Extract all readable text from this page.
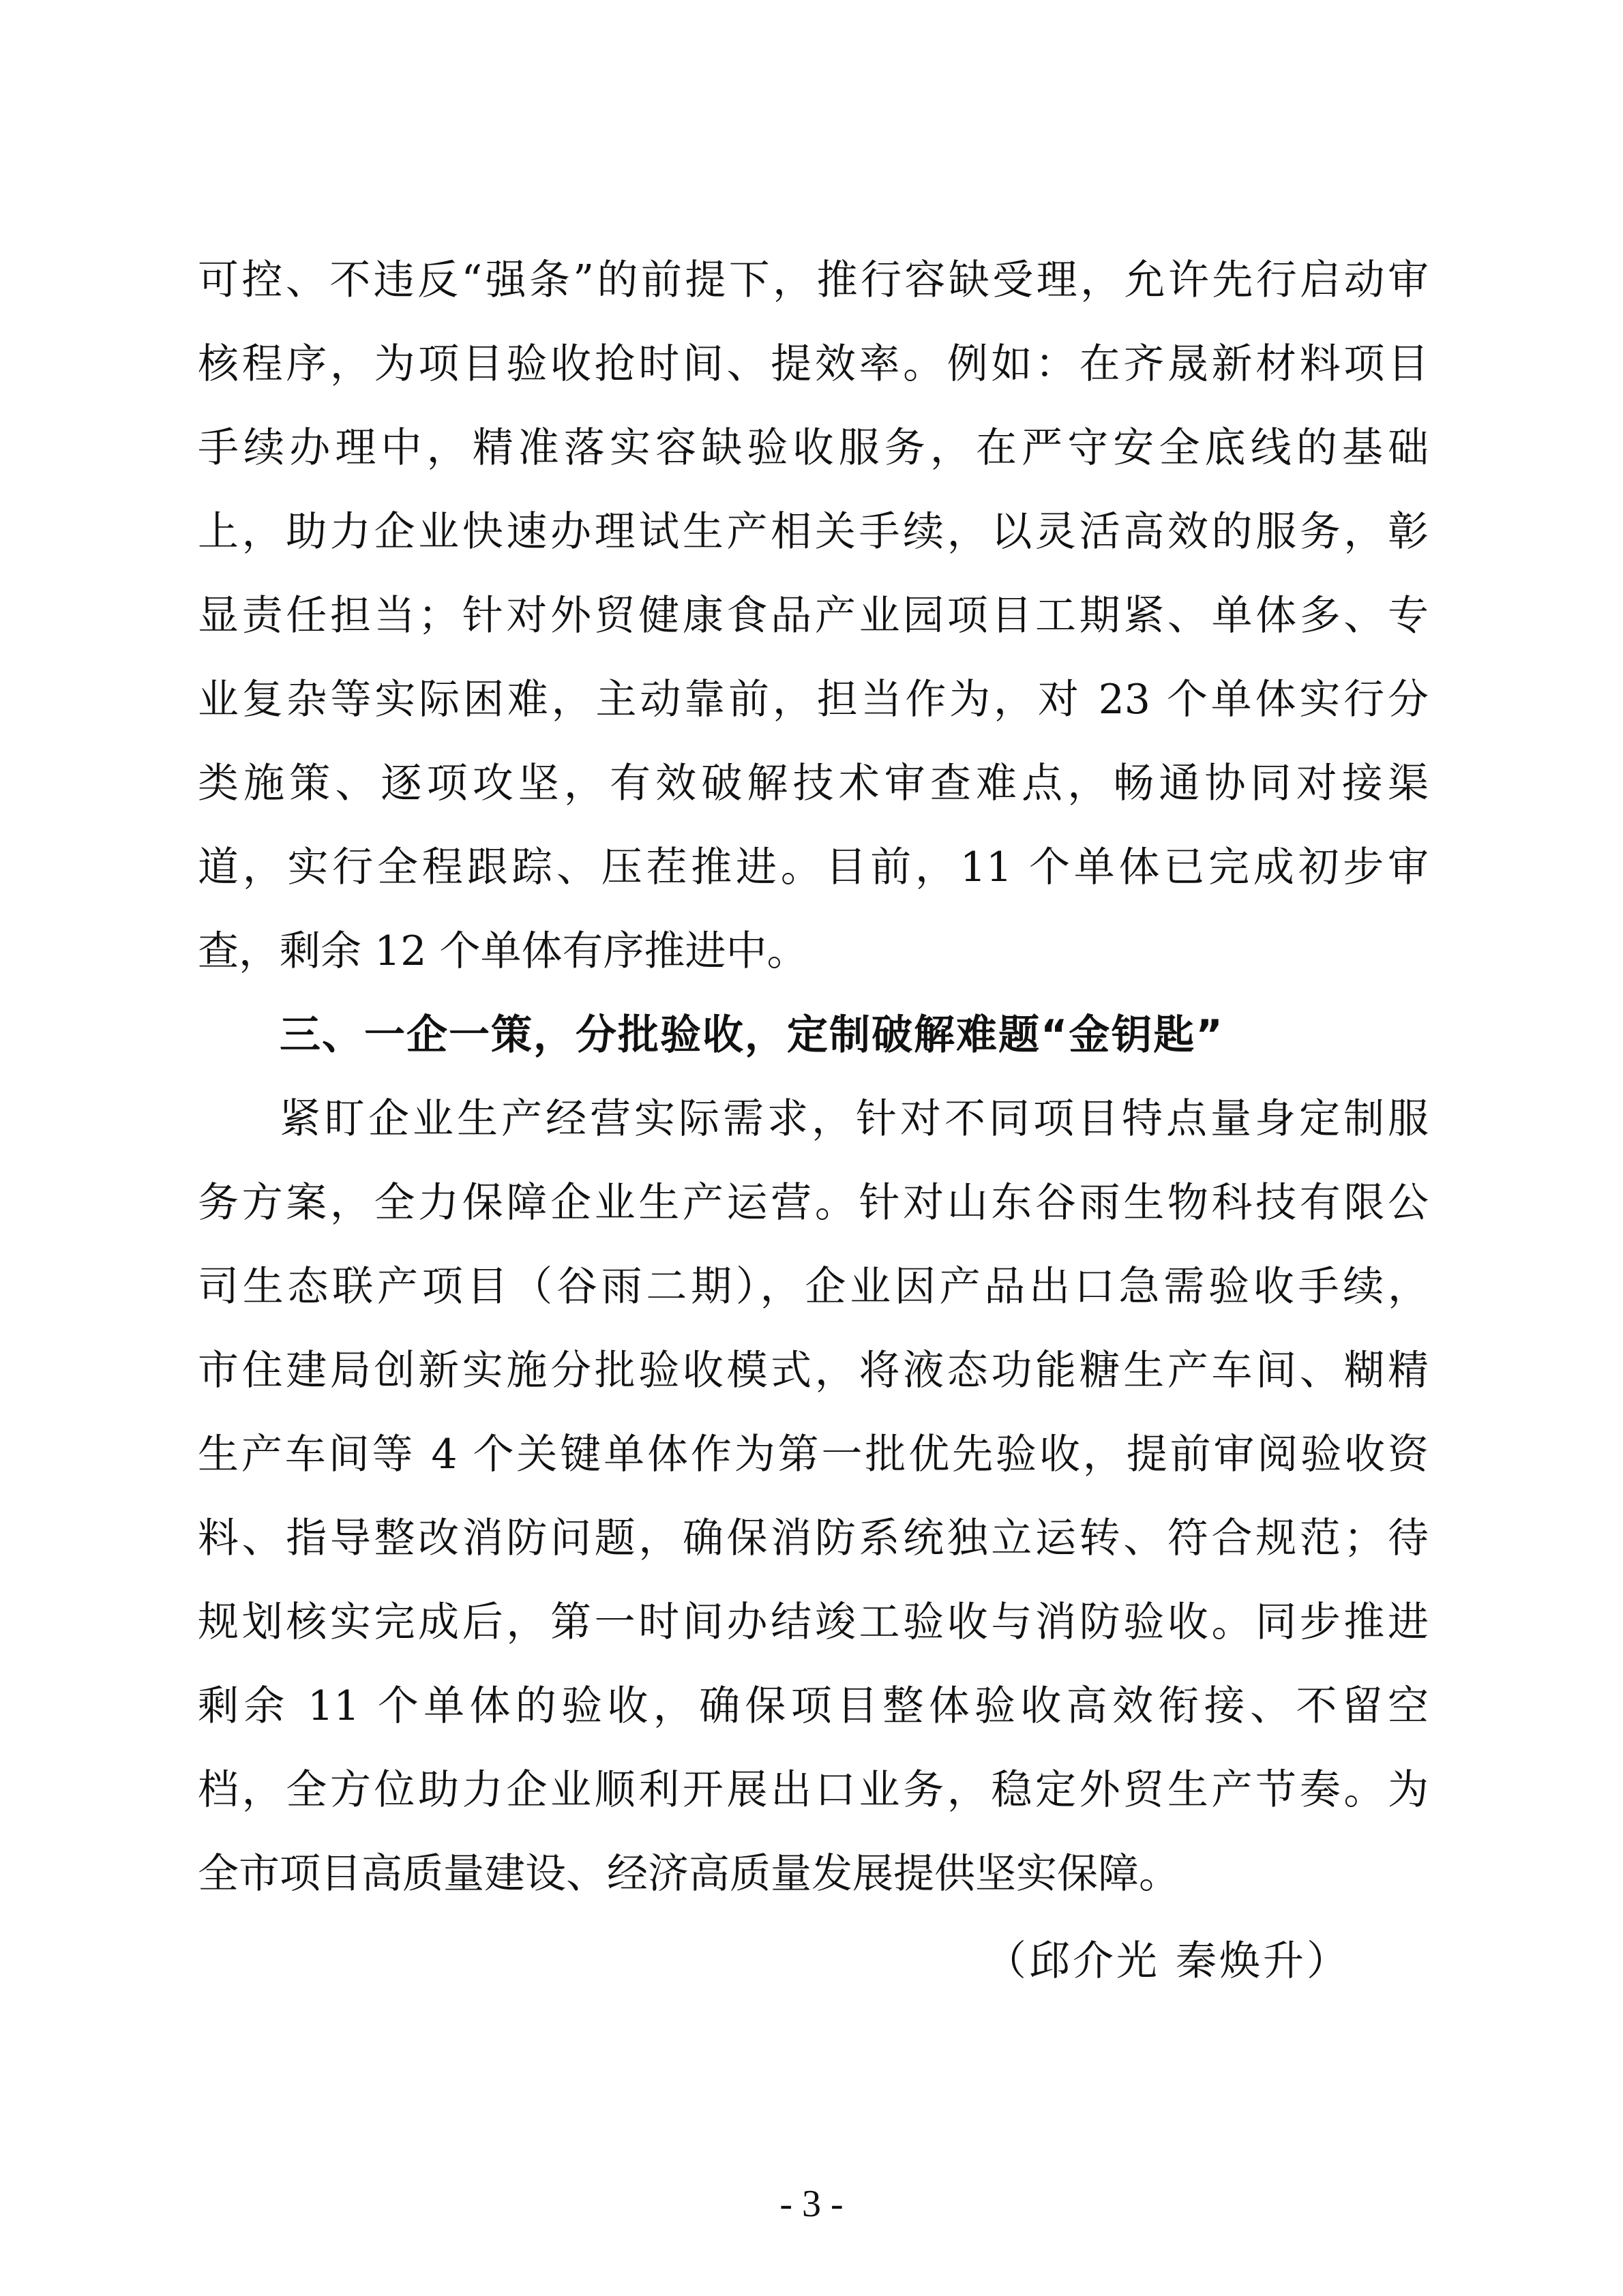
可控、不违反“强条”的前提下，推行容缺受理，允许先行启动审
核程序，为项目验收抢时间、提效率。例如：在齐晟新材料项目
手续办理中，精准落实容缺验收服务，在严守安全底线的基础
上，助力企业快速办理试生产相关手续，以灵活高效的服务，彰
显责任担当；针对外贸健康食品产业园项目工期紧、单体多、专
业复杂等实际困难，主动靠前，担当作为，对 23 个单体实行分
类施策、逐项攻坚，有效破解技术审查难点，畅通协同对接渠
道，实行全程跟踪、压茬推进。目前，11 个单体已完成初步审
查，剩余 12 个单体有序推进中。
三、一企一策，分批验收，定制破解难题“金钥匙”
紧盯企业生产经营实际需求，针对不同项目特点量身定制服
务方案，全力保障企业生产运营。针对山东谷雨生物科技有限公
司生态联产项目（谷雨二期），企业因产品出口急需验收手续，
市住建局创新实施分批验收模式，将液态功能糖生产车间、糊精
生产车间等 4 个关键单体作为第一批优先验收，提前审阅验收资
料、指导整改消防问题，确保消防系统独立运转、符合规范；待
规划核实完成后，第一时间办结竣工验收与消防验收。同步推进
剩余 11 个单体的验收，确保项目整体验收高效衔接、不留空
档，全方位助力企业顺利开展出口业务，稳定外贸生产节奏。为
全市项目高质量建设、经济高质量发展提供坚实保障。
（邱介光 秦焕升）
- 3 -
